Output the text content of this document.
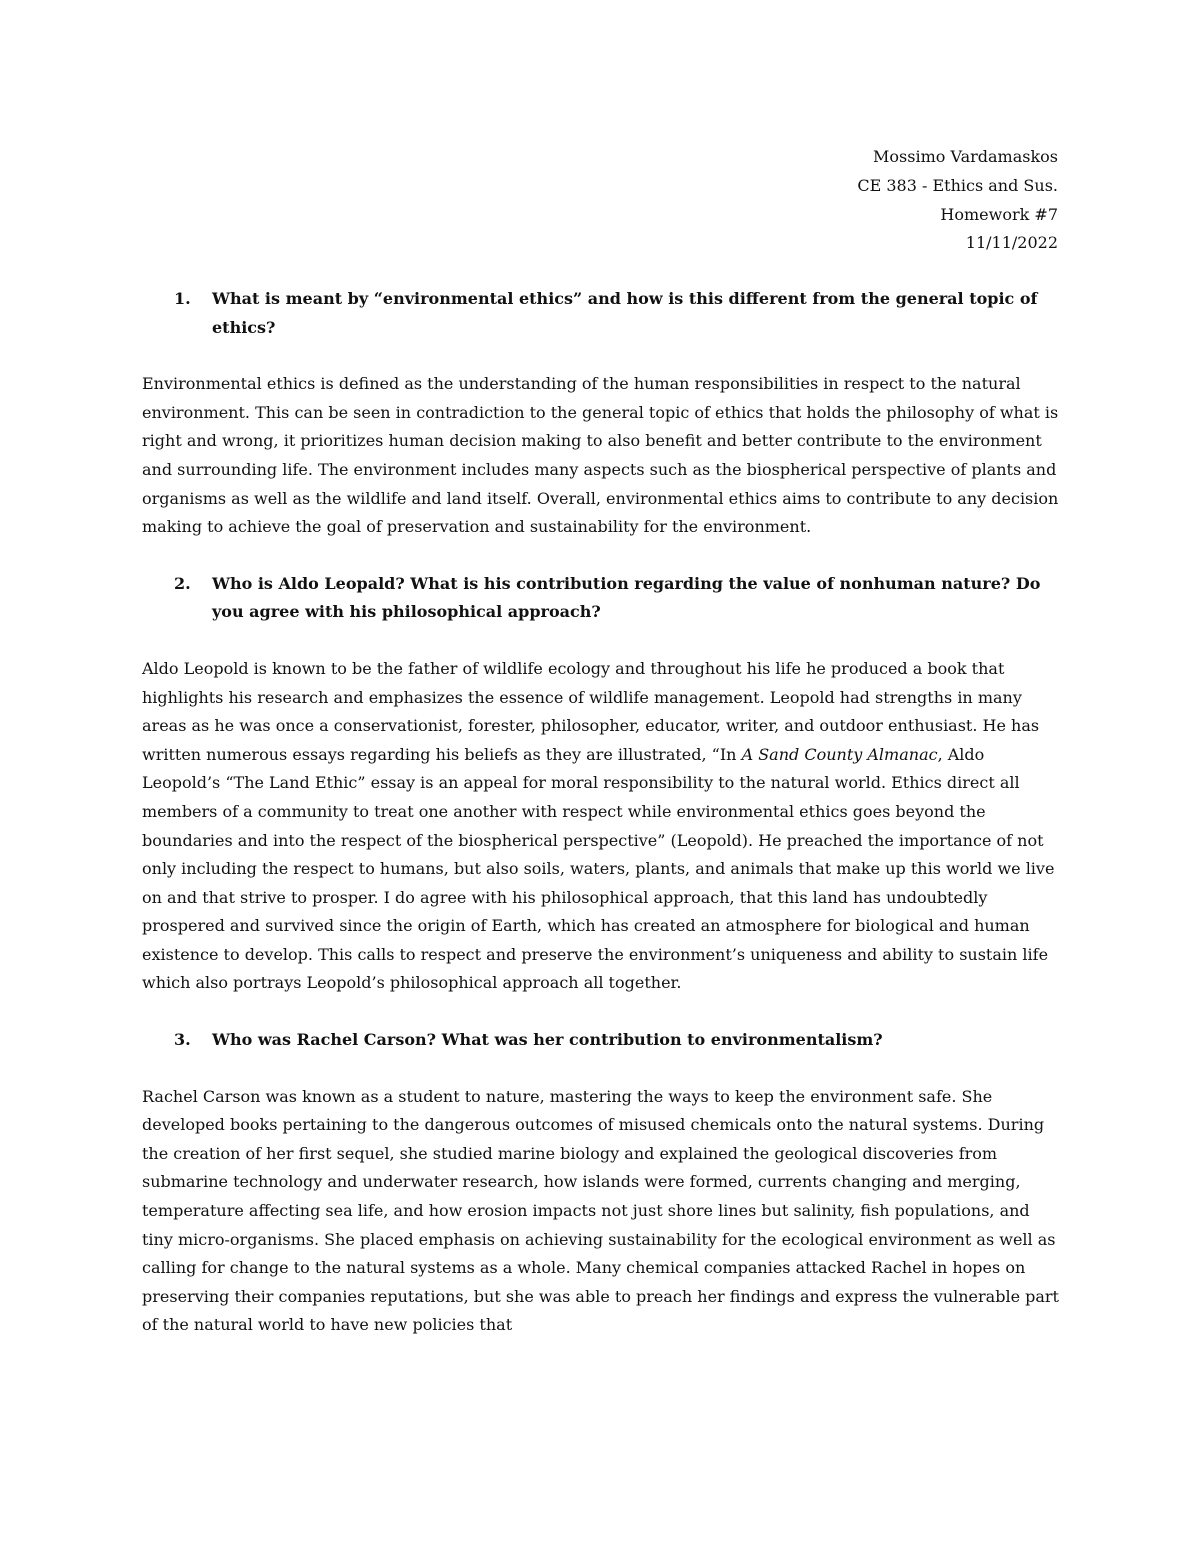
Mossimo Vardamaskos
CE 383 - Ethics and Sus.
Homework #7
11/11/2022
1.	What is meant by “environmental ethics” and how is this different from the general topic of ethics?

Environmental ethics is defined as the understanding of the human responsibilities in respect to the natural environment. This can be seen in contradiction to the general topic of ethics that holds the philosophy of what is right and wrong, it prioritizes human decision making to also benefit and better contribute to the environment and surrounding life. The environment includes many aspects such as the biospherical perspective of plants and organisms as well as the wildlife and land itself. Overall, environmental ethics aims to contribute to any decision making to achieve the goal of preservation and sustainability for the environment.

2.	Who is Aldo Leopald? What is his contribution regarding the value of nonhuman nature? Do you agree with his philosophical approach?

Aldo Leopold is known to be the father of wildlife ecology and throughout his life he produced a book that highlights his research and emphasizes the essence of wildlife management. Leopold had strengths in many areas as he was once a conservationist, forester, philosopher, educator, writer, and outdoor enthusiast. He has written numerous essays regarding his beliefs as they are illustrated, “In A Sand County Almanac, Aldo Leopold’s “The Land Ethic” essay is an appeal for moral responsibility to the natural world. Ethics direct all members of a community to treat one another with respect while environmental ethics goes beyond the boundaries and into the respect of the biospherical perspective” (Leopold). He preached the importance of not only including the respect to humans, but also soils, waters, plants, and animals that make up this world we live on and that strive to prosper. I do agree with his philosophical approach, that this land has undoubtedly prospered and survived since the origin of Earth, which has created an atmosphere for biological and human existence to develop. This calls to respect and preserve the environment’s uniqueness and ability to sustain life which also portrays Leopold’s philosophical approach all together.

3.	Who was Rachel Carson? What was her contribution to environmentalism?

Rachel Carson was known as a student to nature, mastering the ways to keep the environment safe. She developed books pertaining to the dangerous outcomes of misused chemicals onto the natural systems. During the creation of her first sequel, she studied marine biology and explained the geological discoveries from submarine technology and underwater research, how islands were formed, currents changing and merging, temperature affecting sea life, and how erosion impacts not just shore lines but salinity, fish populations, and tiny micro-organisms. She placed emphasis on achieving sustainability for the ecological environment as well as calling for change to the natural systems as a whole. Many chemical companies attacked Rachel in hopes on preserving their companies reputations, but she was able to preach her findings and express the vulnerable part of the natural world to have new policies that
